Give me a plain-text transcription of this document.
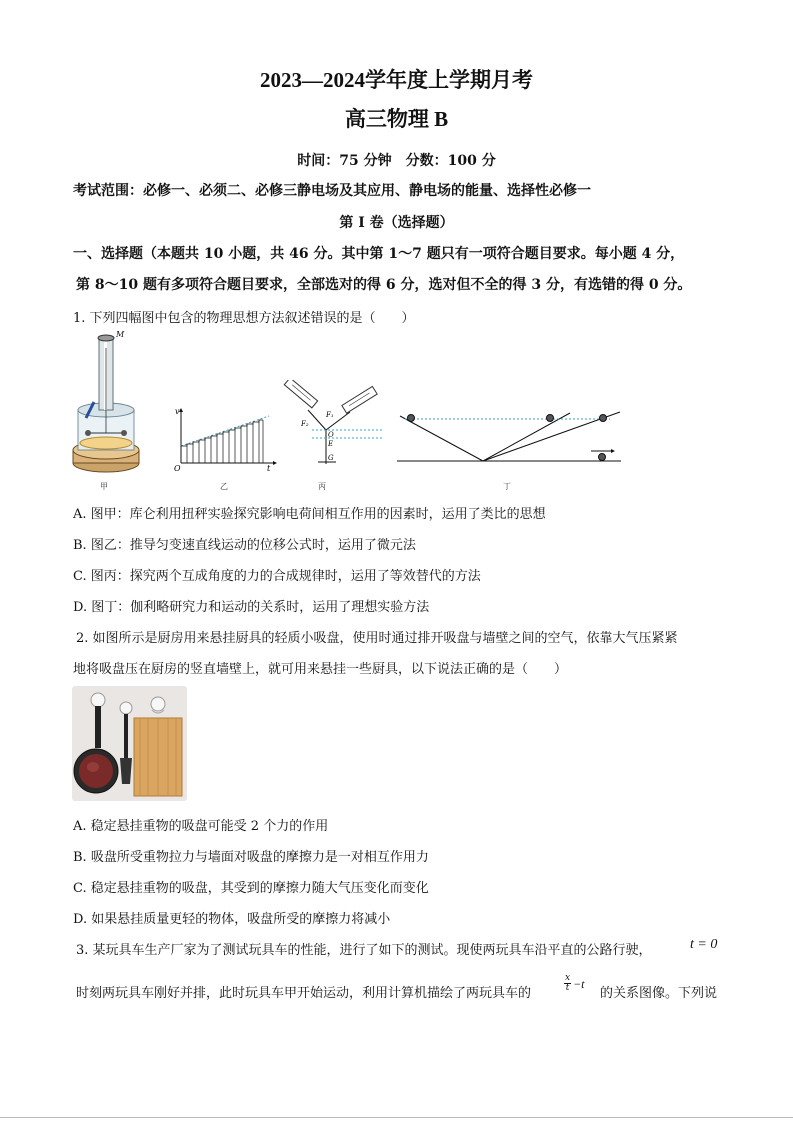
2023—2024学年度上学期月考
高三物理 B
时间：75 分钟　分数：100 分
考试范围：必修一、必须二、必修三静电场及其应用、静电场的能量、选择性必修一
第 I 卷（选择题）
一、选择题（本题共 10 小题，共 46 分。其中第 1～7 题只有一项符合题目要求。每小题 4 分，
第 8～10 题有多项符合题目要求，全部选对的得 6 分，选对但不全的得 3 分，有选错的得 0 分。
1. 下列四幅图中包含的物理思想方法叙述错误的是（　　）
M
v
O	t
F₁
F₂
O
E
G
甲	乙	丙	丁
A. 图甲：库仑利用扭秤实验探究影响电荷间相互作用的因素时，运用了类比的思想
B. 图乙：推导匀变速直线运动的位移公式时，运用了微元法
C. 图丙：探究两个互成角度的力的合成规律时，运用了等效替代的方法
D. 图丁：伽利略研究力和运动的关系时，运用了理想实验方法
2. 如图所示是厨房用来悬挂厨具的轻质小吸盘，使用时通过排开吸盘与墙壁之间的空气，依靠大气压紧紧
地将吸盘压在厨房的竖直墙壁上，就可用来悬挂一些厨具，以下说法正确的是（　　）
A. 稳定悬挂重物的吸盘可能受 2 个力的作用
B. 吸盘所受重物拉力与墙面对吸盘的摩擦力是一对相互作用力
C. 稳定悬挂重物的吸盘，其受到的摩擦力随大气压变化而变化
D. 如果悬挂质量更轻的物体，吸盘所受的摩擦力将减小
3. 某玩具车生产厂家为了测试玩具车的性能，进行了如下的测试。现使两玩具车沿平直的公路行驶，	t = 0
时刻两玩具车刚好并排，此时玩具车甲开始运动，利用计算机描绘了两玩具车的
$\frac{x}{t} -t$
的关系图像。下列说
